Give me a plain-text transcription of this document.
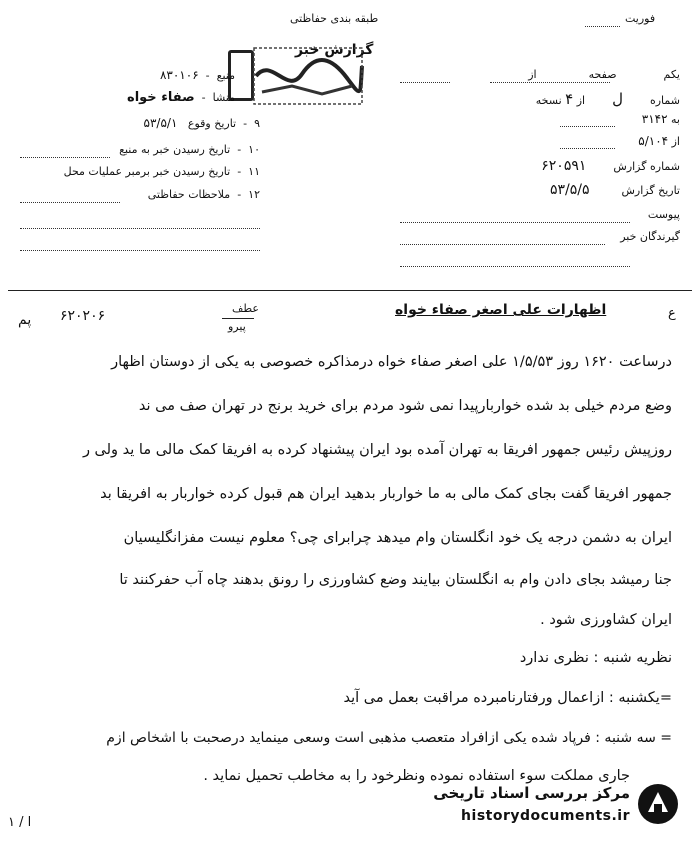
طبقه بندی حفاظتی
گزارش خبر
فوریت
منبع  -  ۸۳۰۱۰۶
منشا  -  صفاء خواه
۹  -  تاریخ وقوع   ۵۳/۵/۱
۱۰  -  تاریخ رسیدن خبر به منبع
۱۱  -  تاریخ رسیدن خبر برمبر عملیات محل
۱۲  -  ملاحظات حفاظتی
یکم  صفحه  از
شماره  ل  از ۴ نسخه
به ۳۱۴۲
از ۵/۱۰۴
شماره گزارش  ۶۲۰۵۹۱
تاریخ گزارش  ۵۳/۵/۵
پیوست
گیرندگان خبر
ع
اظهارات علی اصغر صفاء خواه
عطف
پیرو
۶۲۰۲۰۶
پم
درساعت ۱۶۲۰ روز ۱/۵/۵۳ علی اصغر صفاء خواه درمذاکره خصوصی به یکی از دوستان اظهار
وضع مردم خیلی بد شده خواربارپیدا نمی شود مردم برای خرید برنج در تهران صف می ند
روزپیش رئیس جمهور افریقا به تهران آمده بود ایران پیشنهاد کرده به افریقا کمک مالی ما ید ولی ر
جمهور افریقا گفت بجای کمک مالی به ما خواربار بدهید ایران هم قبول کرده خواربار به افریقا بد
ایران به دشمن درجه یک خود انگلستان وام میدهد چرابرای چی؟ معلوم نیست مفزانگلیسیان
جنا رمیشد بجای دادن وام به انگلستان بیایند وضع کشاورزی را رونق بدهند چاه آب حفرکنند تا
ایران کشاورزی شود .
نظریه شنبه : نظری ندارد
=یکشنبه : ازاعمال ورفتارنامبرده مراقبت بعمل می آید
= سه شنبه : فرپاد شده یکی ازافراد متعصب مذهبی است وسعی مینماید درصحبت با اشخاص ازم
جاری مملکت سوء استفاده نموده ونظرخود را به مخاطب تحمیل نماید .
مرکز بررسی اسناد تاریخی
historydocuments.ir
ا / ۱
